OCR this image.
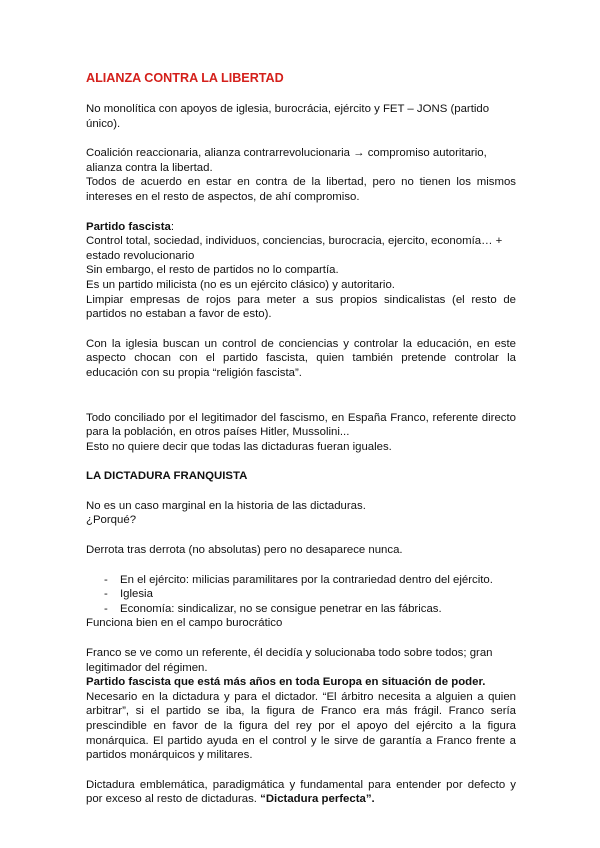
ALIANZA CONTRA LA LIBERTAD

No monolítica con apoyos de iglesia, burocrácia, ejército y FET – JONS (partido único).

Coalición reaccionaria, alianza contrarrevolucionaria → compromiso autoritario, alianza contra la libertad.

Todos de acuerdo en estar en contra de la libertad, pero no tienen los mismos intereses en el resto de aspectos, de ahí compromiso.

Partido fascista:

Control total, sociedad, individuos, conciencias, burocracia, ejercito, economía… + estado revolucionario

Sin embargo, el resto de partidos no lo compartía.

Es un partido milicista (no es un ejército clásico) y autoritario.

Limpiar empresas de rojos para meter a sus propios sindicalistas (el resto de partidos no estaban a favor de esto).

Con la iglesia buscan un control de conciencias y controlar la educación, en este aspecto chocan con el partido fascista, quien también pretende controlar la educación con su propia “religión fascista”.

Todo conciliado por el legitimador del fascismo, en España Franco, referente directo para la población, en otros países Hitler, Mussolini...

Esto no quiere decir que todas las dictaduras fueran iguales.

LA DICTADURA FRANQUISTA

No es un caso marginal en la historia de las dictaduras.

¿Porqué?

Derrota tras derrota (no absolutas) pero no desaparece nunca.

- En el ejército: milicias paramilitares por la contrariedad dentro del ejército.
- Iglesia
- Economía: sindicalizar, no se consigue penetrar en las fábricas.

Funciona bien en el campo burocrático

Franco se ve como un referente, él decidía y solucionaba todo sobre todos; gran legitimador del régimen.

Partido fascista que está más años en toda Europa en situación de poder.

Necesario en la dictadura y para el dictador. “El árbitro necesita a alguien a quien arbitrar”, si el partido se iba, la figura de Franco era más frágil. Franco sería prescindible en favor de la figura del rey por el apoyo del ejército a la figura monárquica. El partido ayuda en el control y le sirve de garantía a Franco frente a partidos monárquicos y militares.

Dictadura emblemática, paradigmática y fundamental para entender por defecto y por exceso al resto de dictaduras. “Dictadura perfecta”.
